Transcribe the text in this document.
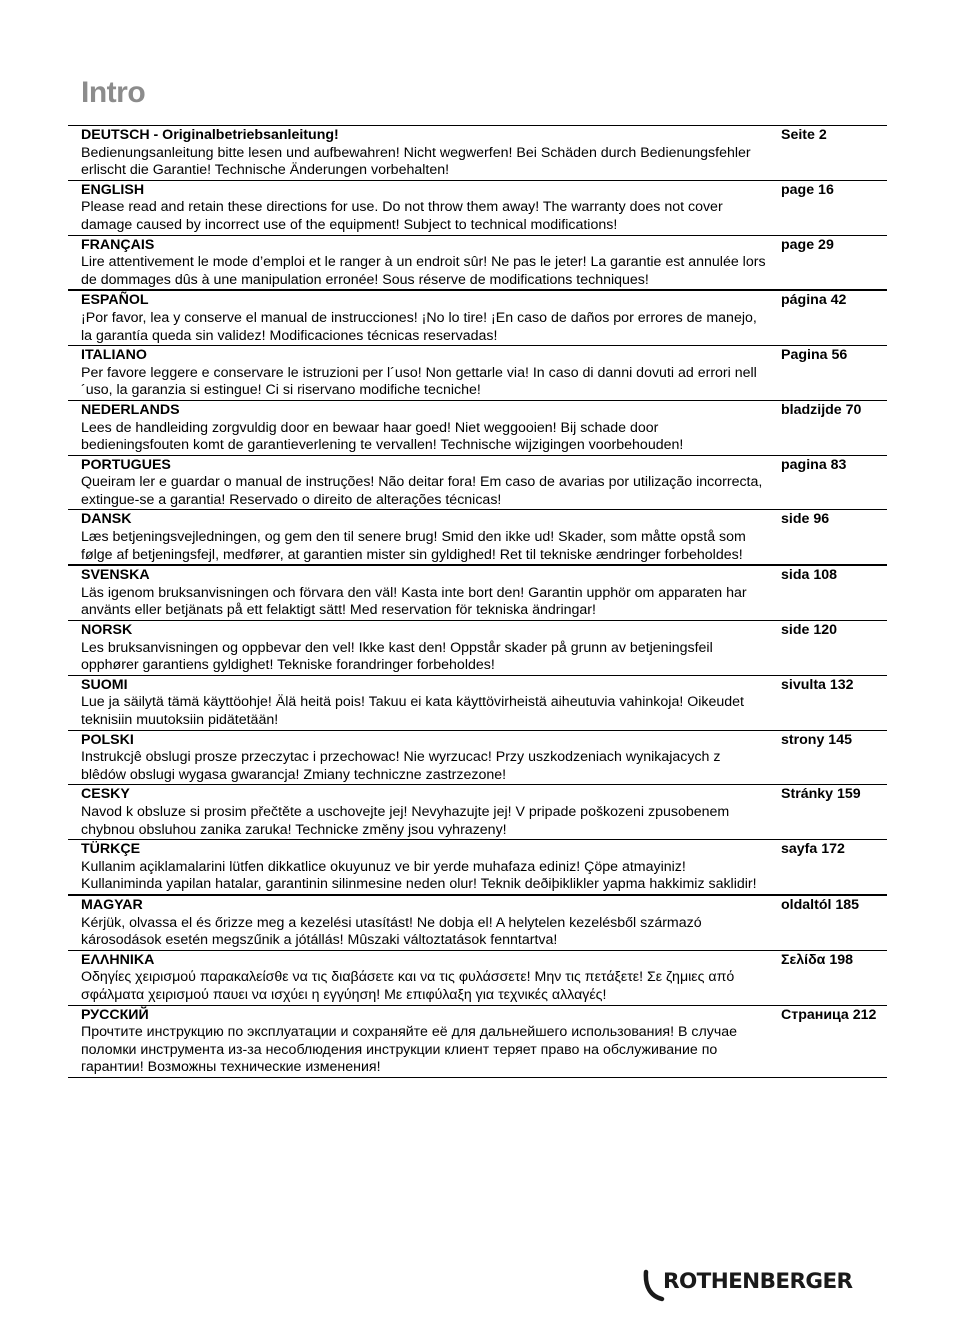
Intro
DEUTSCH - Originalbetriebsanleitung!
Bedienungsanleitung bitte lesen und aufbewahren! Nicht wegwerfen! Bei Schäden durch Bedienungsfehler erlischt die Garantie! Technische Änderungen vorbehalten!
Seite 2
ENGLISH
Please read and retain these directions for use. Do not throw them away! The warranty does not cover damage caused by incorrect use of the equipment! Subject to technical modifications!
page 16
FRANÇAIS
Lire attentivement le mode d’emploi et le ranger à un endroit sûr! Ne pas le jeter! La garantie est annulée lors de dommages dûs à une manipulation erronée! Sous réserve de modifications techniques!
page 29
ESPAÑOL
¡Por favor, lea y conserve el manual de instrucciones! ¡No lo tire! ¡En caso de daños por errores de manejo, la garantía queda sin validez! Modificaciones técnicas reservadas!
página 42
ITALIANO
Per favore leggere e conservare le istruzioni per l´uso! Non gettarle via! In caso di danni dovuti ad errori nell´uso, la garanzia si estingue! Ci si riservano modifiche tecniche!
Pagina 56
NEDERLANDS
Lees de handleiding zorgvuldig door en bewaar haar goed! Niet weggooien! Bij schade door bedieningsfouten komt de garantieverlening te vervallen! Technische wijzigingen voorbehouden!
bladzijde 70
PORTUGUES
Queiram ler e guardar o manual de instruções! Não deitar fora! Em caso de avarias por utilização incorrecta, extingue-se a garantia! Reservado o direito de alterações técnicas!
pagina 83
DANSK
Læs betjeningsvejledningen, og gem den til senere brug! Smid den ikke ud! Skader, som måtte opstå som følge af betjeningsfejl, medfører, at garantien mister sin gyldighed! Ret til tekniske ændringer forbeholdes!
side 96
SVENSKA
Läs igenom bruksanvisningen och förvara den väl! Kasta inte bort den! Garantin upphör om apparaten har använts eller betjänats på ett felaktigt sätt! Med reservation för tekniska ändringar!
sida 108
NORSK
Les bruksanvisningen og oppbevar den vel! Ikke kast den! Oppstår skader på grunn av betjeningsfeil opphører garantiens gyldighet! Tekniske forandringer forbeholdes!
side 120
SUOMI
Lue ja säilytä tämä käyttöohje! Älä heitä pois! Takuu ei kata käyttövirheistä aiheutuvia vahinkoja! Oikeudet teknisiin muutoksiin pidätetään!
sivulta 132
POLSKI
Instrukcjê obslugi prosze przeczytac i przechowac! Nie wyrzucac! Przy uszkodzeniach wynikajacych z blêdów obslugi wygasa gwarancja! Zmiany techniczne zastrzezone!
strony 145
CESKY
Navod k obsluze si prosim přečtěte a uschovejte jej! Nevyhazujte jej! V pripade poškozeni zpusobenem chybnou obsluhou zanika zaruka! Technicke změny jsou vyhrazeny!
Stránky 159
TÜRKÇE
Kullanim açiklamalarini lütfen dikkatlice okuyunuz ve bir yerde muhafaza ediniz! Çöpe atmayiniz! Kullaniminda yapilan hatalar, garantinin silinmesine neden olur! Teknik deðiþiklikler yapma hakkimiz saklidir!
sayfa 172
MAGYAR
Kérjük, olvassa el és őrizze meg a kezelési utasítást! Ne dobja el! A helytelen kezelésből származó károsodások esetén megszűnik a jótállás! Mûszaki változtatások fenntartva!
oldaltól 185
ΕΛΛΗΝΙΚΑ
Οδηγίες χειρισμού παρακαλείσθε να τις διαβάσετε και να τις φυλάσσετε! Μην τις πετάξετε! Σε ζημιες από σφάλματα χειρισμού παυει να ισχύει η εγγύηση! Με επιφύλαξη για τεχνικές αλλαγές!
Σελίδα 198
РУССКИЙ
Прочтите инструкцию по эксплуатации и сохраняйте её для дальнейшего использования! В случае поломки инструмента из-за несоблюдения инструкции клиент теряет право на обслуживание по гарантии! Возможны технические изменения!
Страница 212
ROTHENBERGER
